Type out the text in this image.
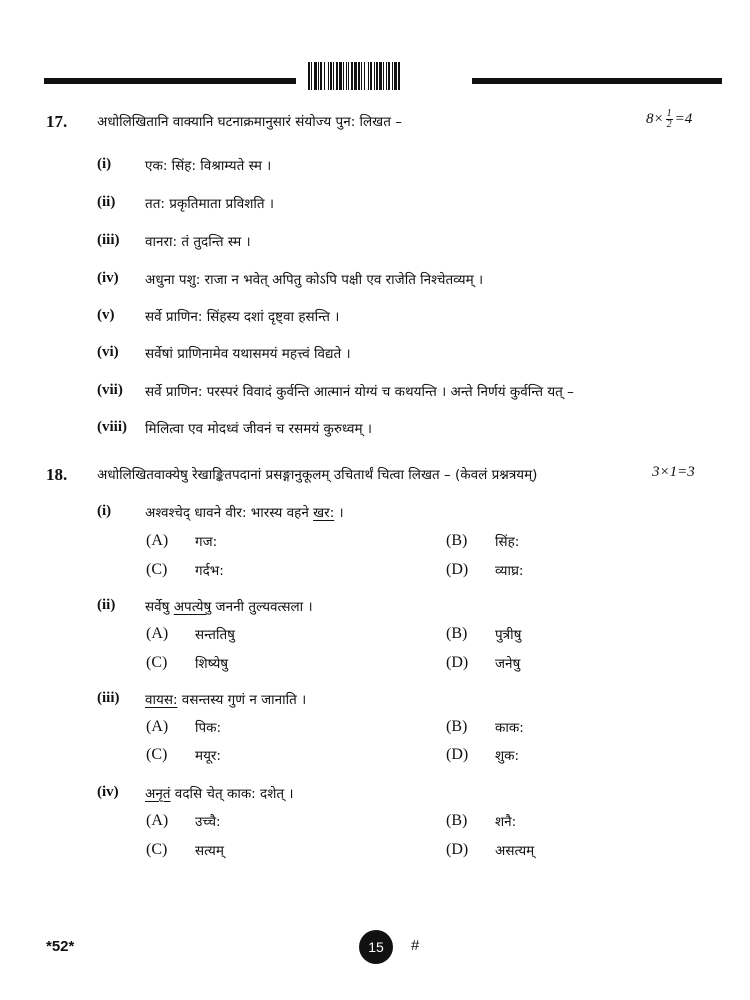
17. अधोलिखितानि वाक्यानि घटनाक्रमानुसारं संयोज्य पुन: लिखत –	$8\times \frac{1}{2} =4$
(i)	एक: सिंह: विश्राम्यते स्म ।
(ii) तत: प्रकृतिमाता प्रविशति ।
(iii) वानरा: तं तुदन्ति स्म ।
(iv) अधुना पशु: राजा न भवेत् अपितु कोऽपि पक्षी एव राजेति निश्चेतव्यम् ।
(v) सर्वे प्राणिन: सिंहस्य दशां दृष्ट्वा हसन्ति ।
(vi) सर्वेषां प्राणिनामेव यथासमयं महत्त्वं विद्यते ।
(vii) सर्वे प्राणिन: परस्परं विवादं कुर्वन्ति आत्मानं योग्यं च कथयन्ति । अन्ते निर्णयं कुर्वन्ति यत् –
(viii) मिलित्वा एव मोदध्वं जीवनं च रसमयं कुरुध्वम् ।
18. अधोलिखितवाक्येषु रेखाङ्कितपदानां प्रसङ्गानुकूलम् उचितार्थं चित्वा लिखत – (केवलं प्रश्नत्रयम्)	3×1=3
(i)	अश्वश्चेद् धावने वीर: भारस्य वहने खर: ।
(A) गज:	(B) सिंह:
(C) गर्दभ:	(D) व्याघ्र:
(ii) सर्वेषु अपत्येषु जननी तुल्यवत्सला ।
(A) सन्ततिषु	(B) पुत्रीषु
(C) शिष्येषु	(D) जनेषु
(iii) वायस: वसन्तस्य गुणं न जानाति ।
(A) पिक:	(B) काक:
(C) मयूर:	(D) शुक:
(iv) अनृतं वदसि चेत् काक: दशेत् ।
(A) उच्चै:	(B) शनै:
(C) सत्यम्	(D) असत्यम्
*52*	15	#
